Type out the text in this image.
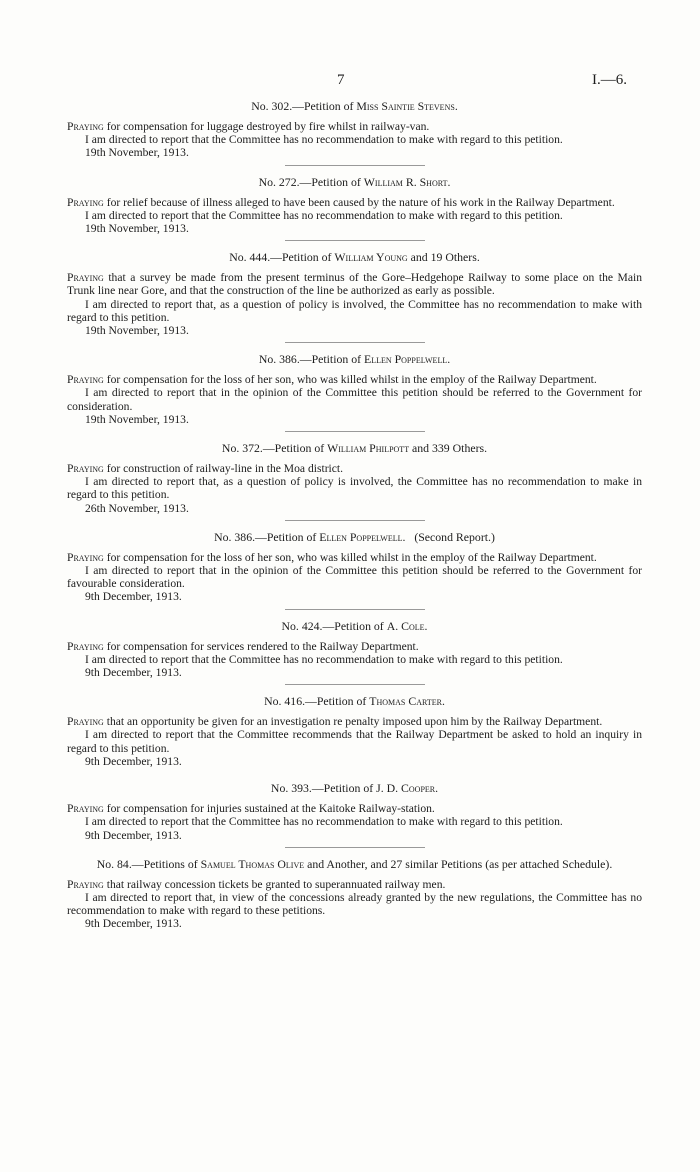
7	I.—6.
No. 302.—Petition of Miss Saintie Stevens.

Praying for compensation for luggage destroyed by fire whilst in railway-van.

I am directed to report that the Committee has no recommendation to make with regard to this petition.

19th November, 1913.

No. 272.—Petition of William R. Short.

Praying for relief because of illness alleged to have been caused by the nature of his work in the Railway Department.

I am directed to report that the Committee has no recommendation to make with regard to this petition.

19th November, 1913.

No. 444.—Petition of William Young and 19 Others.

Praying that a survey be made from the present terminus of the Gore–Hedgehope Railway to some place on the Main Trunk line near Gore, and that the construction of the line be authorized as early as possible.

I am directed to report that, as a question of policy is involved, the Committee has no recommendation to make with regard to this petition.

19th November, 1913.

No. 386.—Petition of Ellen Poppelwell.

Praying for compensation for the loss of her son, who was killed whilst in the employ of the Railway Department.

I am directed to report that in the opinion of the Committee this petition should be referred to the Government for consideration.

19th November, 1913.

No. 372.—Petition of William Philpott and 339 Others.

Praying for construction of railway-line in the Moa district.

I am directed to report that, as a question of policy is involved, the Committee has no recommendation to make in regard to this petition.

26th November, 1913.

No. 386.—Petition of Ellen Poppelwell.   (Second Report.)

Praying for compensation for the loss of her son, who was killed whilst in the employ of the Railway Department.

I am directed to report that in the opinion of the Committee this petition should be referred to the Government for favourable consideration.

9th December, 1913.

No. 424.—Petition of A. Cole.

Praying for compensation for services rendered to the Railway Department.

I am directed to report that the Committee has no recommendation to make with regard to this petition.

9th December, 1913.

No. 416.—Petition of Thomas Carter.

Praying that an opportunity be given for an investigation re penalty imposed upon him by the Railway Department.

I am directed to report that the Committee recommends that the Railway Department be asked to hold an inquiry in regard to this petition.

9th December, 1913.

No. 393.—Petition of J. D. Cooper.

Praying for compensation for injuries sustained at the Kaitoke Railway-station.

I am directed to report that the Committee has no recommendation to make with regard to this petition.

9th December, 1913.

No. 84.—Petitions of Samuel Thomas Olive and Another, and 27 similar Petitions (as per attached Schedule).

Praying that railway concession tickets be granted to superannuated railway men.

I am directed to report that, in view of the concessions already granted by the new regulations, the Committee has no recommendation to make with regard to these petitions.

9th December, 1913.
